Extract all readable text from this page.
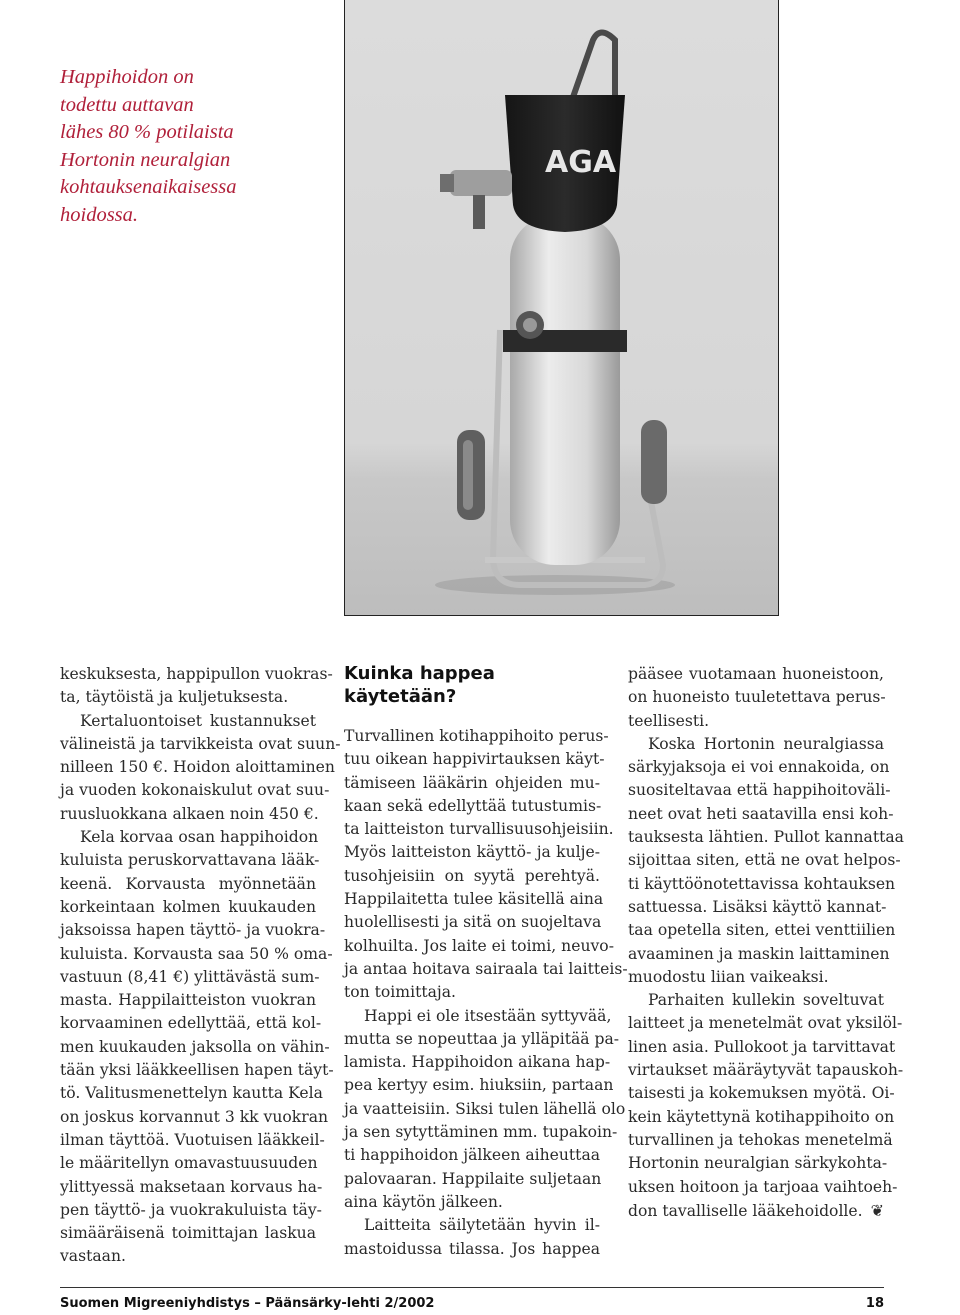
Happihoidon on
todettu auttavan
lähes 80 % potilaista
Hortonin neuralgian
kohtauksenaikaisessa
hoidossa.
AGA
keskuksesta, happipullon vuokras-
ta, täytöistä ja kuljetuksesta.
Kertaluontoiset kustannukset
välineistä ja tarvikkeista ovat suun-
nilleen 150 €. Hoidon aloittaminen
ja vuoden kokonaiskulut ovat suu-
ruusluokkana alkaen noin 450 €.
Kela korvaa osan happihoidon
kuluista peruskorvattavana lääk-
keenä. Korvausta myönnetään
korkeintaan kolmen kuukauden
jaksoissa hapen täyttö- ja vuokra-
kuluista. Korvausta saa 50 % oma-
vastuun (8,41 €) ylittävästä sum-
masta. Happilaitteiston vuokran
korvaaminen edellyttää, että kol-
men kuukauden jaksolla on vähin-
tään yksi lääkkeellisen hapen täyt-
tö. Valitusmenettelyn kautta Kela
on joskus korvannut 3 kk vuokran
ilman täyttöä. Vuotuisen lääkkeil-
le määritellyn omavastuusuuden
ylittyessä maksetaan korvaus ha-
pen täyttö- ja vuokrakuluista täy-
simääräisenä toimittajan laskua
vastaan.
Kuinka happea
käytetään?
Turvallinen kotihappihoito perus-
tuu oikean happivirtauksen käyt-
tämiseen lääkärin ohjeiden mu-
kaan sekä edellyttää tutustumis-
ta laitteiston turvallisuusohjeisiin.
Myös laitteiston käyttö- ja kulje-
tusohjeisiin on syytä perehtyä.
Happilaitetta tulee käsitellä aina
huolellisesti ja sitä on suojeltava
kolhuilta. Jos laite ei toimi, neuvo-
ja antaa hoitava sairaala tai laitteis-
ton toimittaja.
Happi ei ole itsestään syttyvää,
mutta se nopeuttaa ja ylläpitää pa-
lamista. Happihoidon aikana hap-
pea kertyy esim. hiuksiin, partaan
ja vaatteisiin. Siksi tulen lähellä olo
ja sen sytyttäminen mm. tupakoin-
ti happihoidon jälkeen aiheuttaa
palovaaran. Happilaite suljetaan
aina käytön jälkeen.
Laitteita säilytetään hyvin il-
mastoidussa tilassa. Jos happea
pääsee vuotamaan huoneistoon,
on huoneisto tuuletettava perus-
teellisesti.
Koska Hortonin neuralgiassa
särkyjaksoja ei voi ennakoida, on
suositeltavaa että happihoitoväli-
neet ovat heti saatavilla ensi koh-
tauksesta lähtien. Pullot kannattaa
sijoittaa siten, että ne ovat helpos-
ti käyttöönotettavissa kohtauksen
sattuessa. Lisäksi käyttö kannat-
taa opetella siten, ettei venttiilien
avaaminen ja maskin laittaminen
muodostu liian vaikeaksi.
Parhaiten kullekin soveltuvat
laitteet ja menetelmät ovat yksilöl-
linen asia. Pullokoot ja tarvittavat
virtaukset määräytyvät tapauskoh-
taisesti ja kokemuksen myötä. Oi-
kein käytettynä kotihappihoito on
turvallinen ja tehokas menetelmä
Hortonin neuralgian särkykohta-
uksen hoitoon ja tarjoaa vaihtoeh-
don tavalliselle lääkehoidolle. ❦
Suomen Migreeniyhdistys – Päänsärky-lehti 2/2002	18
